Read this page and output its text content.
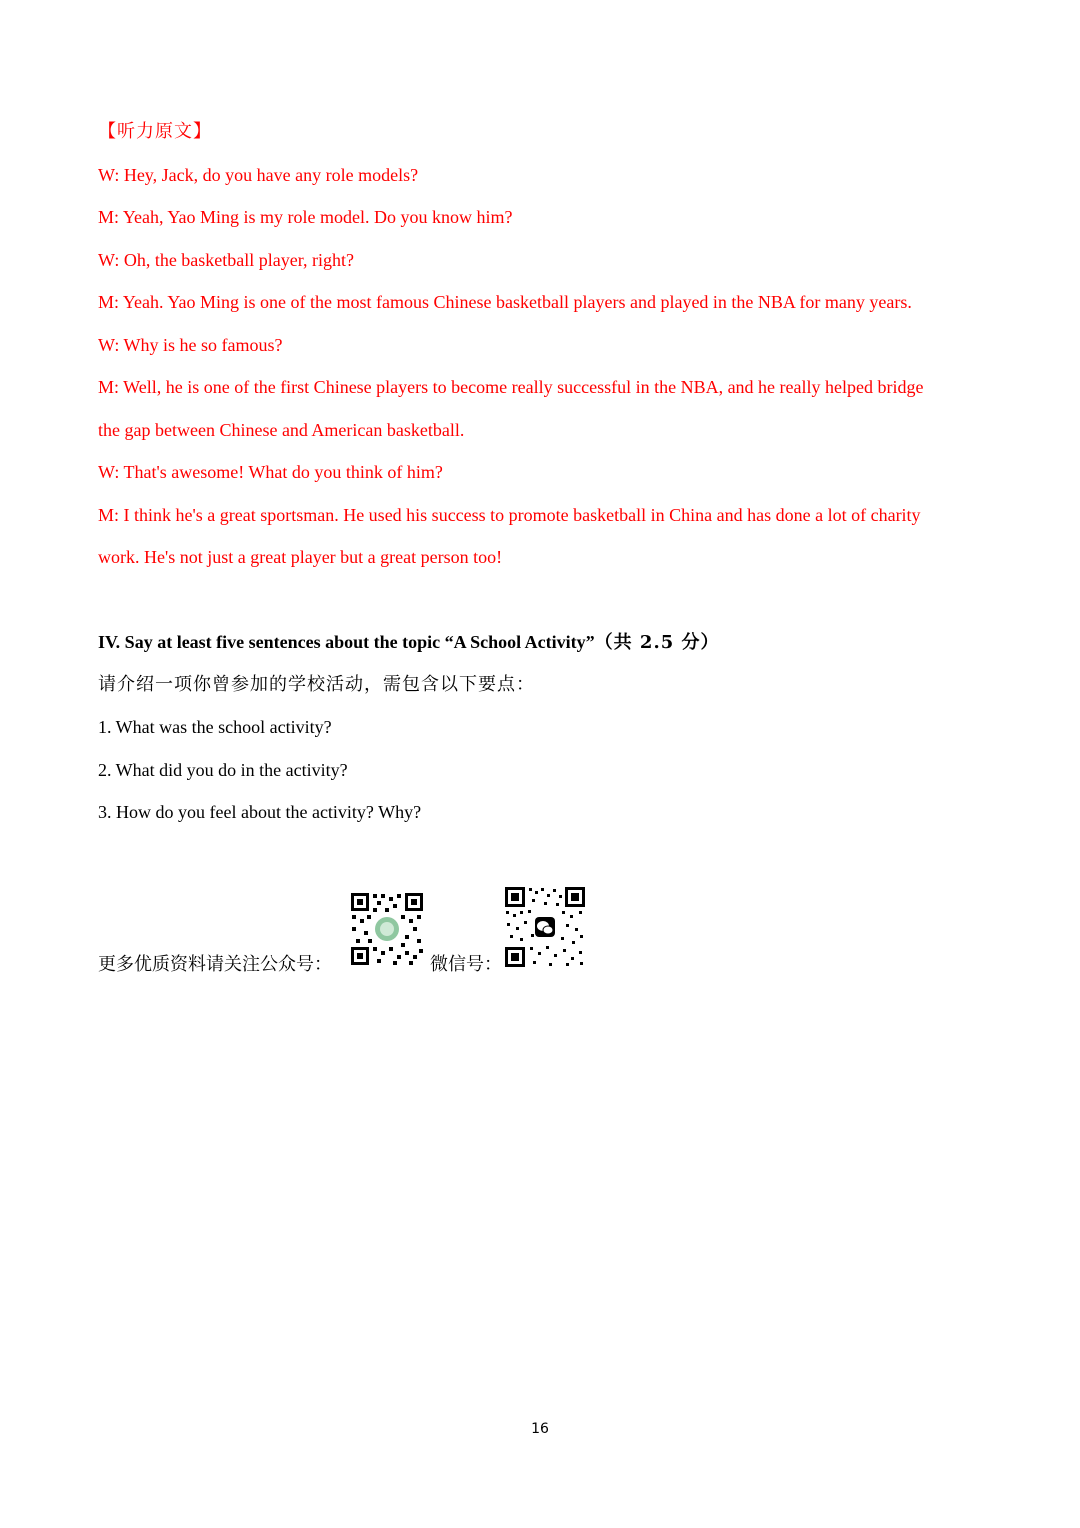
【听力原文】
W: Hey, Jack, do you have any role models?
M: Yeah, Yao Ming is my role model. Do you know him?
W: Oh, the basketball player, right?
M: Yeah. Yao Ming is one of the most famous Chinese basketball players and played in the NBA for many years.
W: Why is he so famous?
M: Well, he is one of the first Chinese players to become really successful in the NBA, and he really helped bridge
the gap between Chinese and American basketball.
W: That's awesome! What do you think of him?
M: I think he's a great sportsman. He used his success to promote basketball in China and has done a lot of charity
work. He's not just a great player but a great person too!
IV. Say at least five sentences about the topic “A School Activity”（共 2.5 分）
请介绍一项你曾参加的学校活动，需包含以下要点：
1. What was the school activity?
2. What did you do in the activity?
3. How do you feel about the activity? Why?
更多优质资料请关注公众号：	微信号：
16
